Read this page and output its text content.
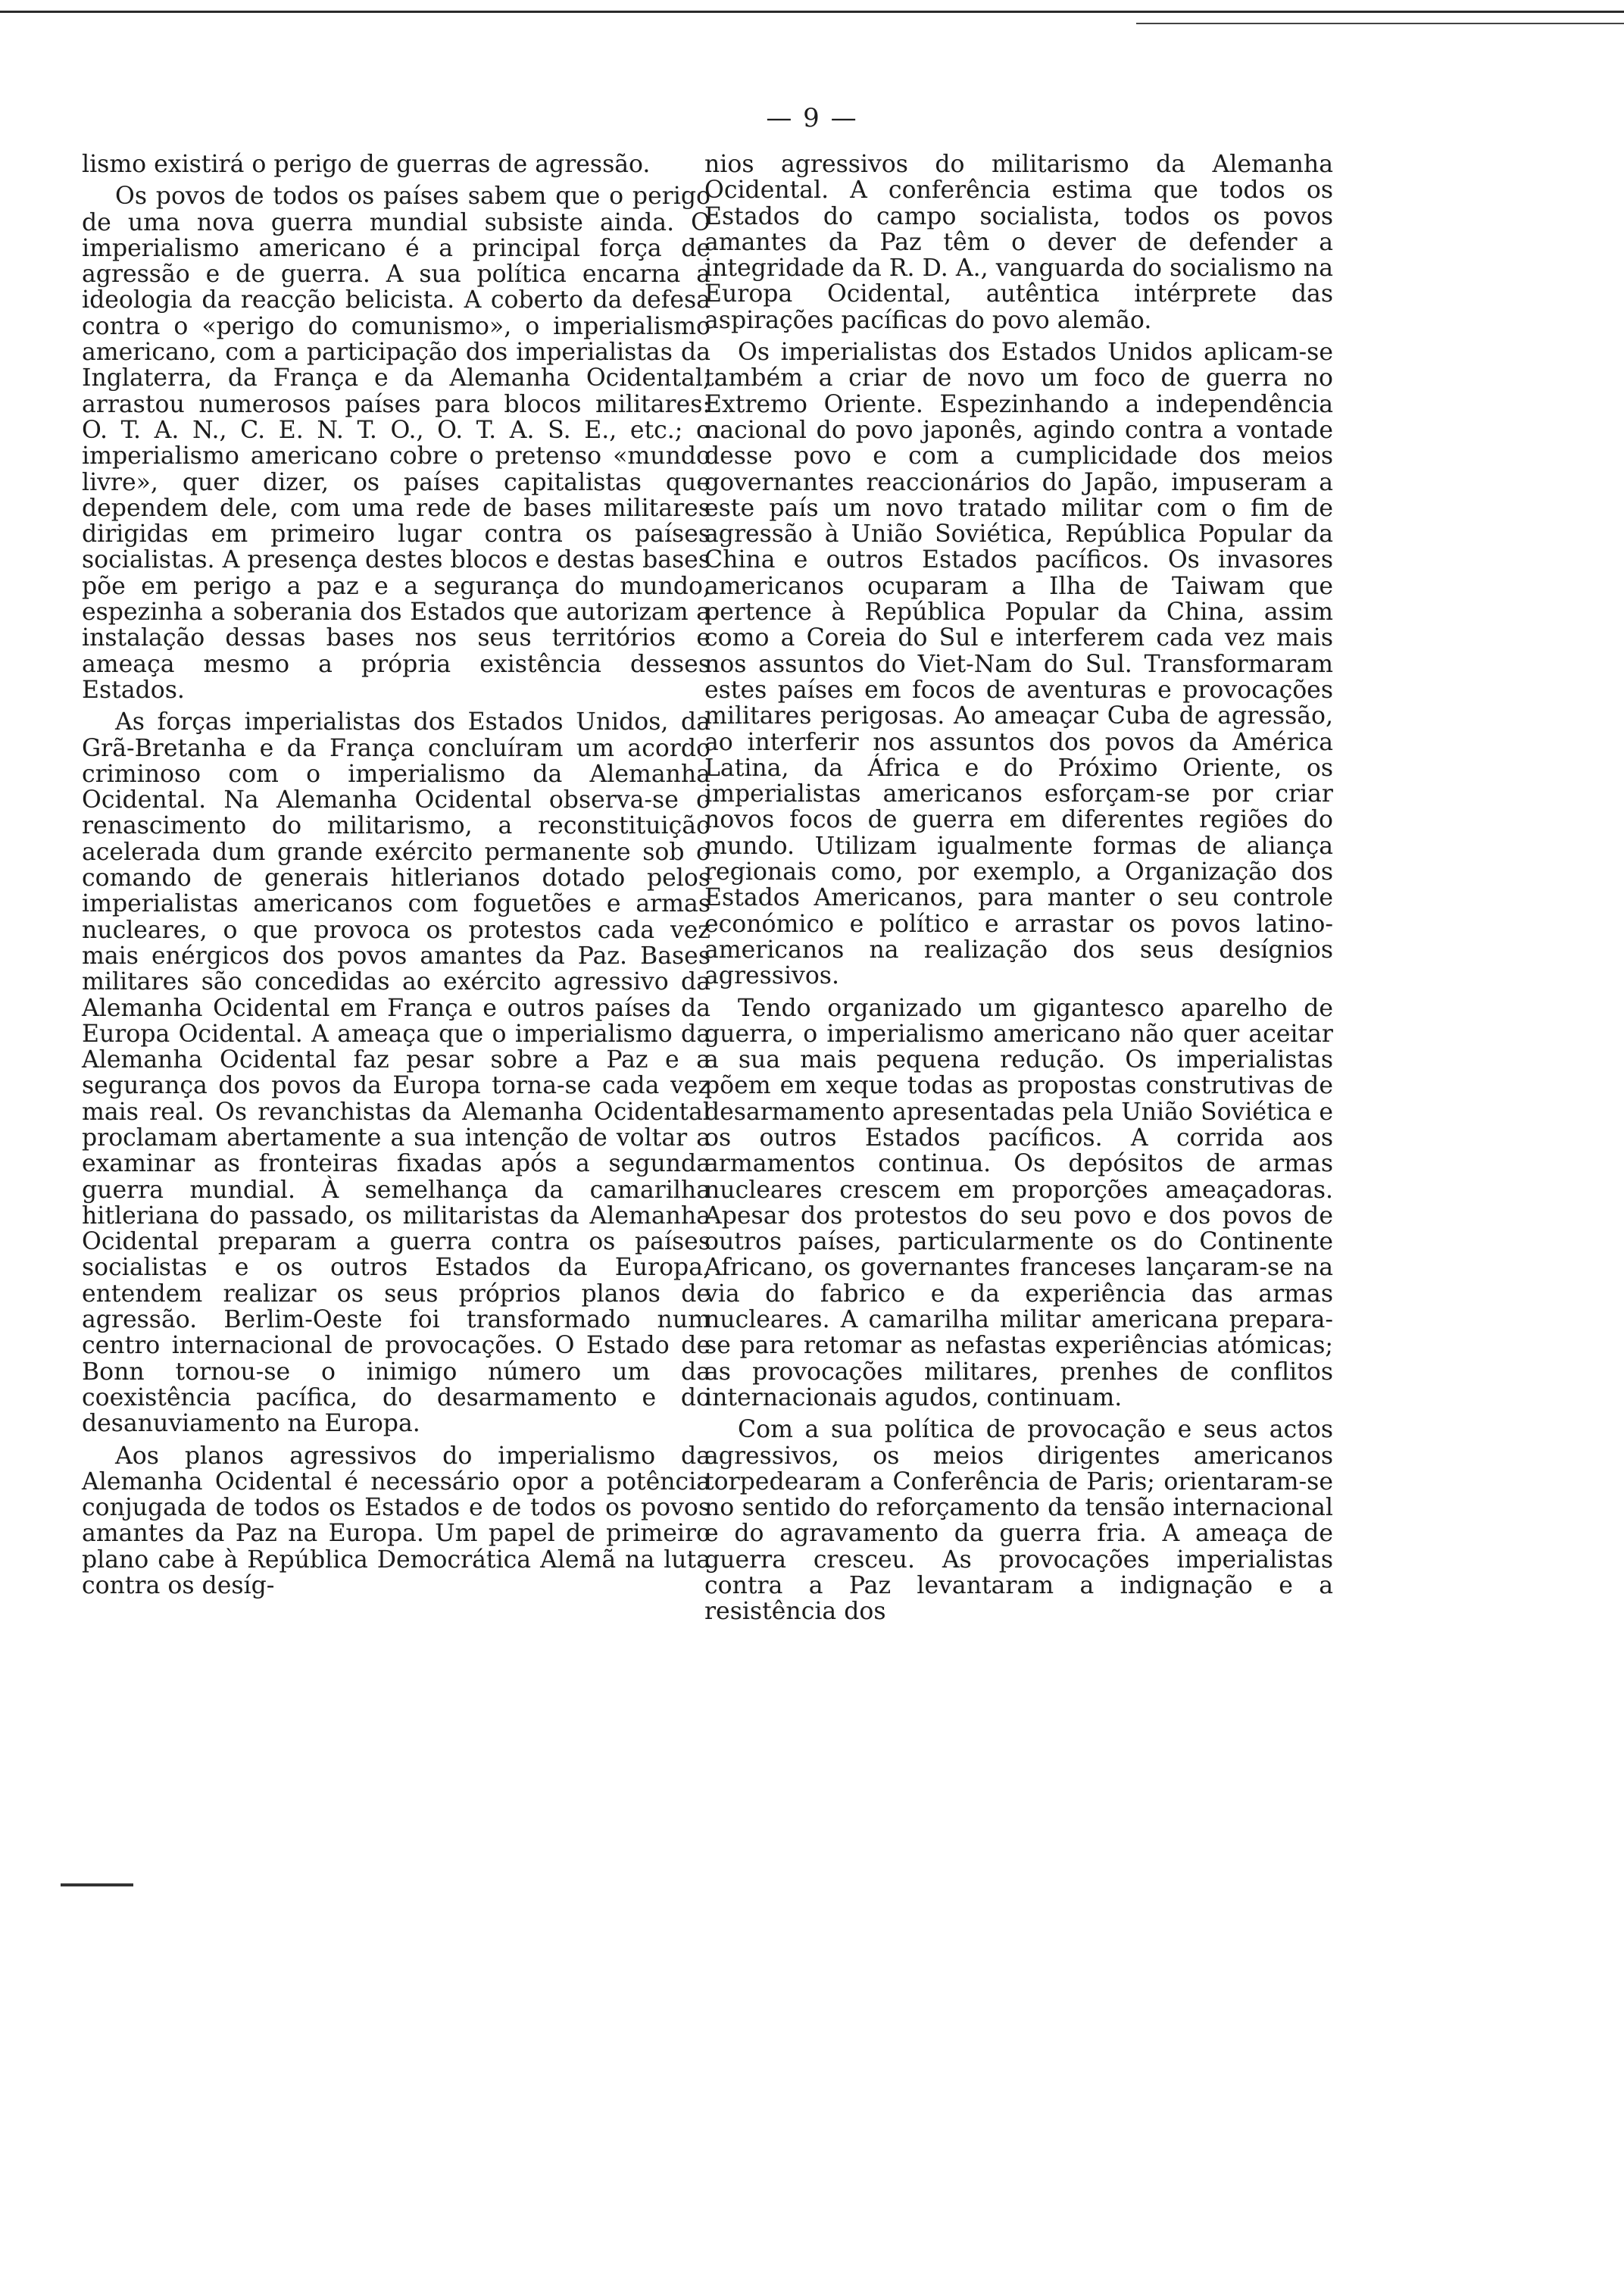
— 9 —

lismo existirá o perigo de guerras de agressão.

Os povos de todos os países sabem que o perigo de uma nova guerra mundial subsiste ainda. O imperialismo americano é a principal força de agressão e de guerra. A sua política encarna a ideologia da reacção belicista. A coberto da defesa contra o «perigo do comunismo», o imperialismo americano, com a participação dos imperialistas da Inglaterra, da França e da Alemanha Ocidental, arrastou numerosos países para blocos militares: O. T. A. N., C. E. N. T. O., O. T. A. S. E., etc.; o imperialismo americano cobre o pretenso «mundo livre», quer dizer, os países capitalistas que dependem dele, com uma rede de bases militares dirigidas em primeiro lugar contra os países socialistas. A presença destes blocos e destas bases põe em perigo a paz e a segurança do mundo, espezinha a soberania dos Estados que autorizam a instalação dessas bases nos seus territórios e ameaça mesmo a própria existência desses Estados.

As forças imperialistas dos Estados Unidos, da Grã-Bretanha e da França concluíram um acordo criminoso com o imperialismo da Alemanha Ocidental. Na Alemanha Ocidental observa-se o renascimento do militarismo, a reconstituição acelerada dum grande exército permanente sob o comando de generais hitlerianos dotado pelos imperialistas americanos com foguetões e armas nucleares, o que provoca os protestos cada vez mais enérgicos dos povos amantes da Paz. Bases militares são concedidas ao exército agressivo da Alemanha Ocidental em França e outros países da Europa Ocidental. A ameaça que o imperialismo da Alemanha Ocidental faz pesar sobre a Paz e a segurança dos povos da Europa torna-se cada vez mais real. Os revanchistas da Alemanha Ocidental proclamam abertamente a sua intenção de voltar a examinar as fronteiras fixadas após a segunda guerra mundial. À semelhança da camarilha hitleriana do passado, os militaristas da Alemanha Ocidental preparam a guerra contra os países socialistas e os outros Estados da Europa, entendem realizar os seus próprios planos de agressão. Berlim-Oeste foi transformado num centro internacional de provocações. O Estado de Bonn tornou-se o inimigo número um da coexistência pacífica, do desarmamento e do desanuviamento na Europa.

Aos planos agressivos do imperialismo da Alemanha Ocidental é necessário opor a potência conjugada de todos os Estados e de todos os povos amantes da Paz na Europa. Um papel de primeiro plano cabe à República Democrática Alemã na luta contra os desíg-

nios agressivos do militarismo da Alemanha Ocidental. A conferência estima que todos os Estados do campo socialista, todos os povos amantes da Paz têm o dever de defender a integridade da R. D. A., vanguarda do socialismo na Europa Ocidental, autêntica intérprete das aspirações pacíficas do povo alemão.

Os imperialistas dos Estados Unidos aplicam-se também a criar de novo um foco de guerra no Extremo Oriente. Espezinhando a independência nacional do povo japonês, agindo contra a vontade desse povo e com a cumplicidade dos meios governantes reaccionários do Japão, impuseram a este país um novo tratado militar com o fim de agressão à União Soviética, República Popular da China e outros Estados pacíficos. Os invasores americanos ocuparam a Ilha de Taiwam que pertence à República Popular da China, assim como a Coreia do Sul e interferem cada vez mais nos assuntos do Viet-Nam do Sul. Transformaram estes países em focos de aventuras e provocações militares perigosas. Ao ameaçar Cuba de agressão, ao interferir nos assuntos dos povos da América Latina, da África e do Próximo Oriente, os imperialistas americanos esforçam-se por criar novos focos de guerra em diferentes regiões do mundo. Utilizam igualmente formas de aliança regionais como, por exemplo, a Organização dos Estados Americanos, para manter o seu controle económico e político e arrastar os povos latino-americanos na realização dos seus desígnios agressivos.

Tendo organizado um gigantesco aparelho de guerra, o imperialismo americano não quer aceitar a sua mais pequena redução. Os imperialistas põem em xeque todas as propostas construtivas de desarmamento apresentadas pela União Soviética e os outros Estados pacíficos. A corrida aos armamentos continua. Os depósitos de armas nucleares crescem em proporções ameaçadoras. Apesar dos protestos do seu povo e dos povos de outros países, particularmente os do Continente Africano, os governantes franceses lançaram-se na via do fabrico e da experiência das armas nucleares. A camarilha militar americana prepara-se para retomar as nefastas experiências atómicas; as provocações militares, prenhes de conflitos internacionais agudos, continuam.

Com a sua política de provocação e seus actos agressivos, os meios dirigentes americanos torpedearam a Conferência de Paris; orientaram-se no sentido do reforçamento da tensão internacional e do agravamento da guerra fria. A ameaça de guerra cresceu. As provocações imperialistas contra a Paz levantaram a indignação e a resistência dos
